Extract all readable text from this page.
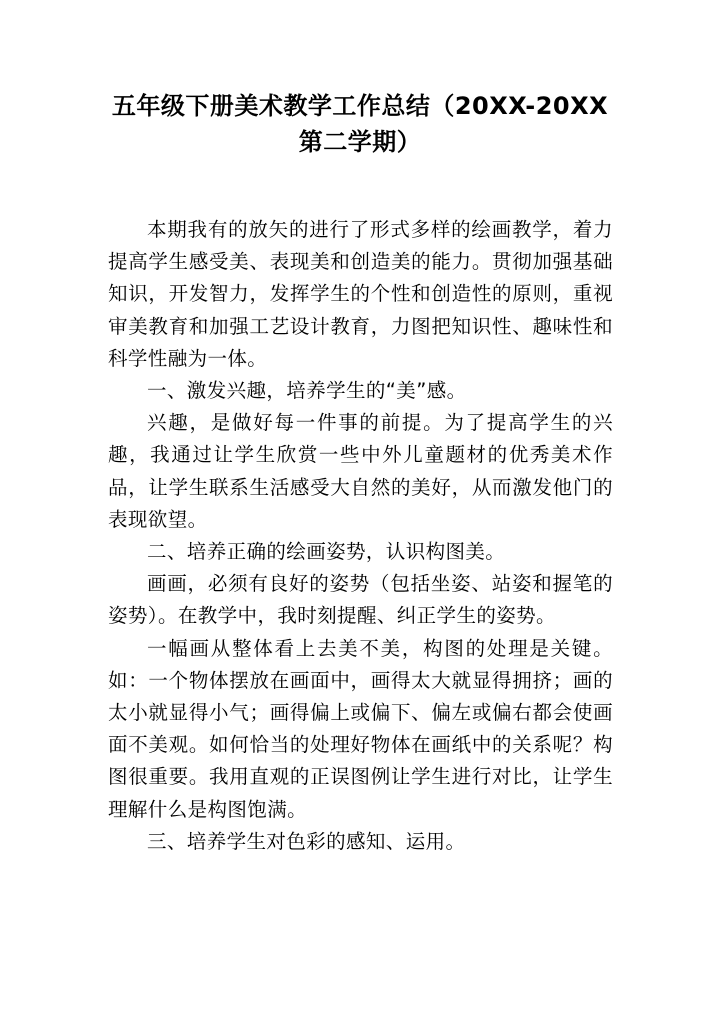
五年级下册美术教学工作总结（20XX-20XX
第二学期）

本期我有的放矢的进行了形式多样的绘画教学，着力提高学生感受美、表现美和创造美的能力。贯彻加强基础知识，开发智力，发挥学生的个性和创造性的原则，重视审美教育和加强工艺设计教育，力图把知识性、趣味性和科学性融为一体。

一、激发兴趣，培养学生的“美”感。

兴趣，是做好每一件事的前提。为了提高学生的兴趣，我通过让学生欣赏一些中外儿童题材的优秀美术作品，让学生联系生活感受大自然的美好，从而激发他门的表现欲望。

二、培养正确的绘画姿势，认识构图美。

画画，必须有良好的姿势（包括坐姿、站姿和握笔的姿势）。在教学中，我时刻提醒、纠正学生的姿势。

一幅画从整体看上去美不美，构图的处理是关键。如：一个物体摆放在画面中，画得太大就显得拥挤；画的太小就显得小气；画得偏上或偏下、偏左或偏右都会使画面不美观。如何恰当的处理好物体在画纸中的关系呢？构图很重要。我用直观的正误图例让学生进行对比，让学生理解什么是构图饱满。

三、培养学生对色彩的感知、运用。
